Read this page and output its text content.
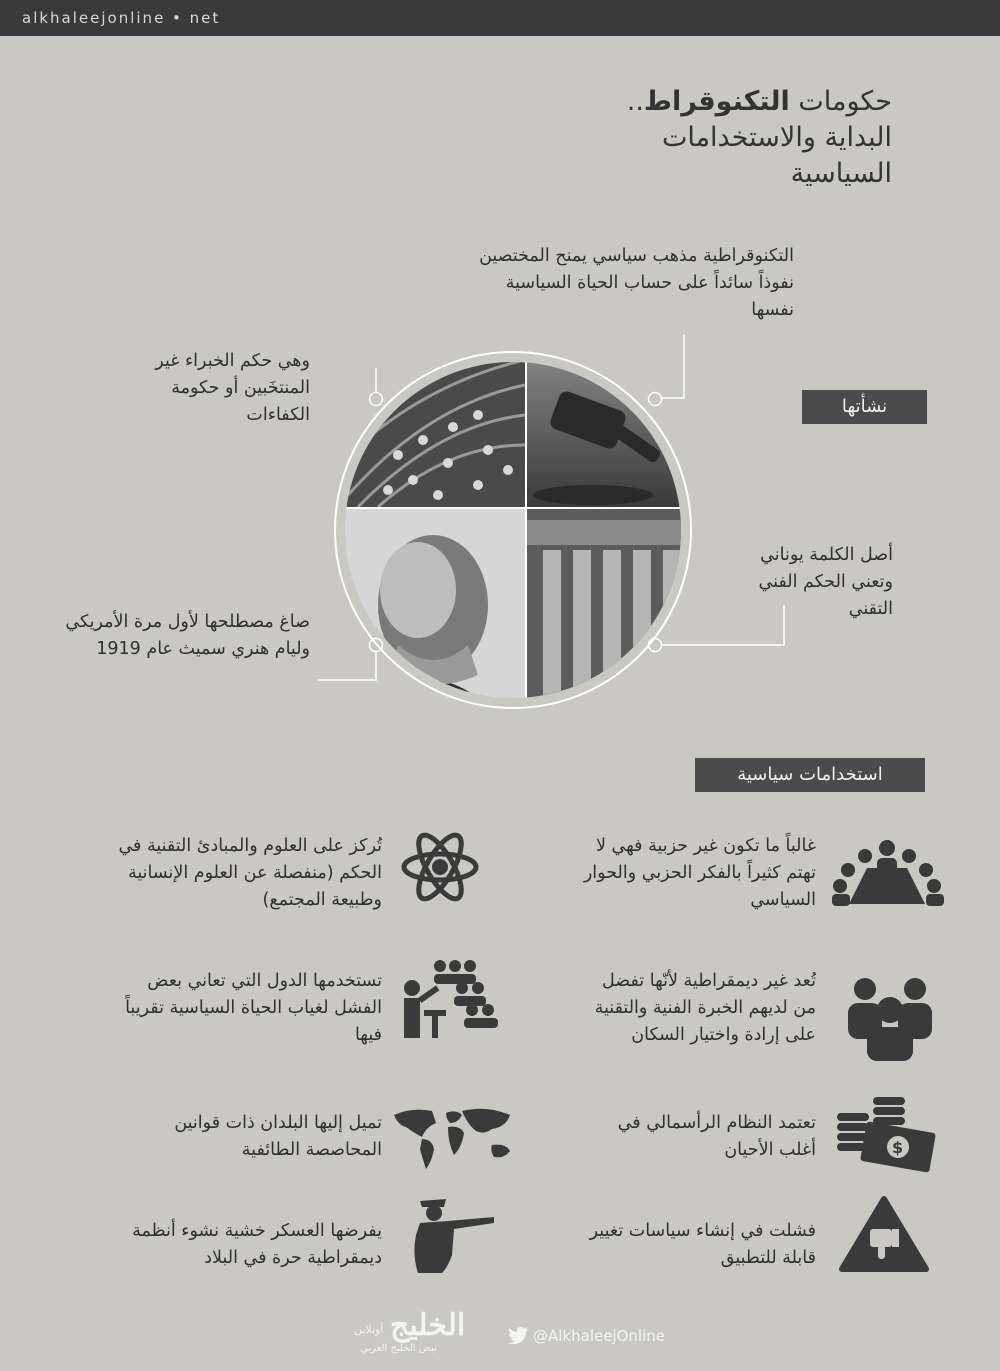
alkhaleejonline • net
حكومات التكنوقراط..
البداية والاستخدامات
السياسية
التكنوقراطية مذهب سياسي يمنح المختصين نفوذاً سائداً على حساب الحياة السياسية نفسها
وهي حكم الخبراء غير المنتخَبين أو حكومة الكفاءات	نشأتها
أصل الكلمة يوناني وتعني الحكم الفني التقني
صاغ مصطلحها لأول مرة الأمريكي وليام هنري سميث عام 1919
استخدامات سياسية
غالباً ما تكون غير حزبية فهي لا تهتم كثيراً بالفكر الحزبي والحوار السياسي
تُعد غير ديمقراطية لأنّها تفضل من لديهم الخبرة الفنية والتقنية على إرادة واختيار السكان
تعتمد النظام الرأسمالي في أغلب الأحيان
فشلت في إنشاء سياسات تغيير قابلة للتطبيق
تُركز على العلوم والمبادئ التقنية في الحكم (منفصلة عن العلوم الإنسانية وطبيعة المجتمع)
تستخدمها الدول التي تعاني بعض الفشل لغياب الحياة السياسية تقريباً فيها
تميل إليها البلدان ذات قوانين المحاصصة الطائفية
يفرضها العسكر خشية نشوء أنظمة ديمقراطية حرة في البلاد
$
الخليج
أونلاين
نبض الخليج العربي
@AlkhaleejOnline
